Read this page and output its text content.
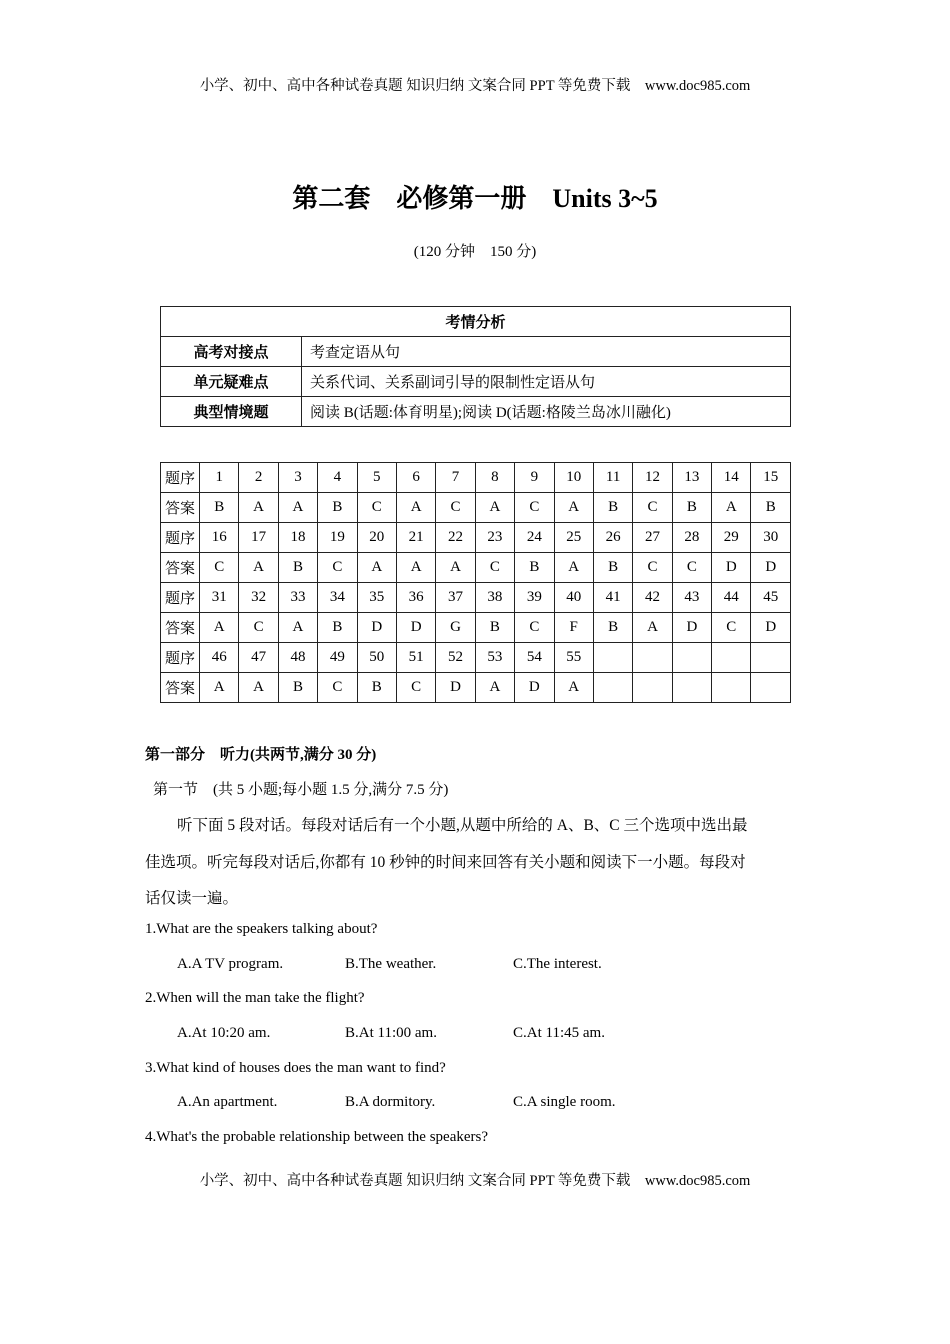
小学、初中、高中各种试卷真题 知识归纳 文案合同 PPT 等免费下载　www.doc985.com
第二套　必修第一册　Units 3~5
(120 分钟　150 分)
考情分析	
高考对接点	考查定语从句
单元疑难点	关系代词、关系副词引导的限制性定语从句
典型情境题	阅读 B(话题:体育明星);阅读 D(话题:格陵兰岛冰川融化)
题序	1	2	3	4	5	6	7	8	9	10	11	12	13	14	15
答案	B	A	A	B	C	A	C	A	C	A	B	C	B	A	B
题序	16	17	18	19	20	21	22	23	24	25	26	27	28	29	30
答案	C	A	B	C	A	A	A	C	B	A	B	C	C	D	D
题序	31	32	33	34	35	36	37	38	39	40	41	42	43	44	45
答案	A	C	A	B	D	D	G	B	C	F	B	A	D	C	D
题序	46	47	48	49	50	51	52	53	54	55					
答案	A	A	B	C	B	C	D	A	D	A					
第一部分　听力(共两节,满分 30 分)
第一节　(共 5 小题;每小题 1.5 分,满分 7.5 分)
听下面 5 段对话。每段对话后有一个小题,从题中所给的 A、B、C 三个选项中选出最
佳选项。听完每段对话后,你都有 10 秒钟的时间来回答有关小题和阅读下一小题。每段对
话仅读一遍。
1.What are the speakers talking about?
A.A TV program.	B.The weather.	C.The interest.
2.When will the man take the flight?
A.At 10:20 am.	B.At 11:00 am.	C.At 11:45 am.
3.What kind of houses does the man want to find?
A.An apartment.	B.A dormitory.	C.A single room.
4.What's the probable relationship between the speakers?
小学、初中、高中各种试卷真题 知识归纳 文案合同 PPT 等免费下载　www.doc985.com
